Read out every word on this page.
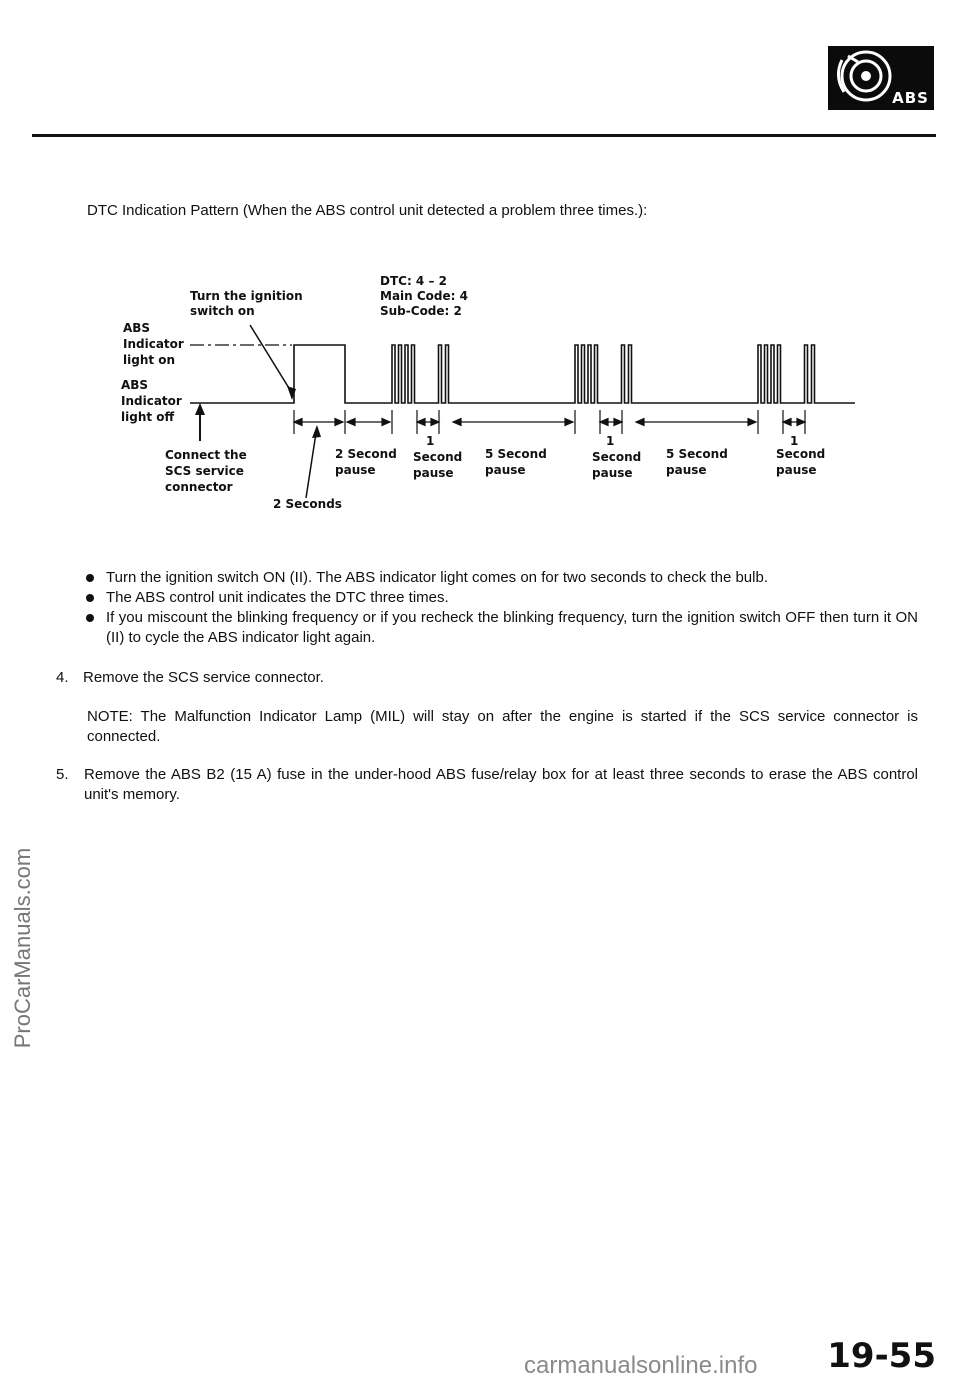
ABS
ProCarManuals.com
DTC Indication Pattern (When the ABS control unit detected a problem three times.):
Turn the ignition
switch on
DTC: 4 – 2
Main Code: 4
Sub-Code: 2
ABS
Indicator
light on
ABS
Indicator
light off
Connect the
SCS service
connector
2 Seconds
2 Second
pause
1
Second
pause
5 Second
pause
1
Second
pause
5 Second
pause
1
Second
pause
Turn the ignition switch ON (II). The ABS indicator light comes on for two seconds to check the bulb.
The ABS control unit indicates the DTC three times.
If you miscount the blinking frequency or if you recheck the blinking frequency, turn the ignition switch OFF then turn it ON (II) to cycle the ABS indicator light again.
4. Remove the SCS service connector.
NOTE: The Malfunction Indicator Lamp (MIL) will stay on after the engine is started if the SCS service connector is connected.
5. Remove the ABS B2 (15 A) fuse in the under-hood ABS fuse/relay box for at least three seconds to erase the ABS control unit's memory.
19-55
carmanualsonline.info
